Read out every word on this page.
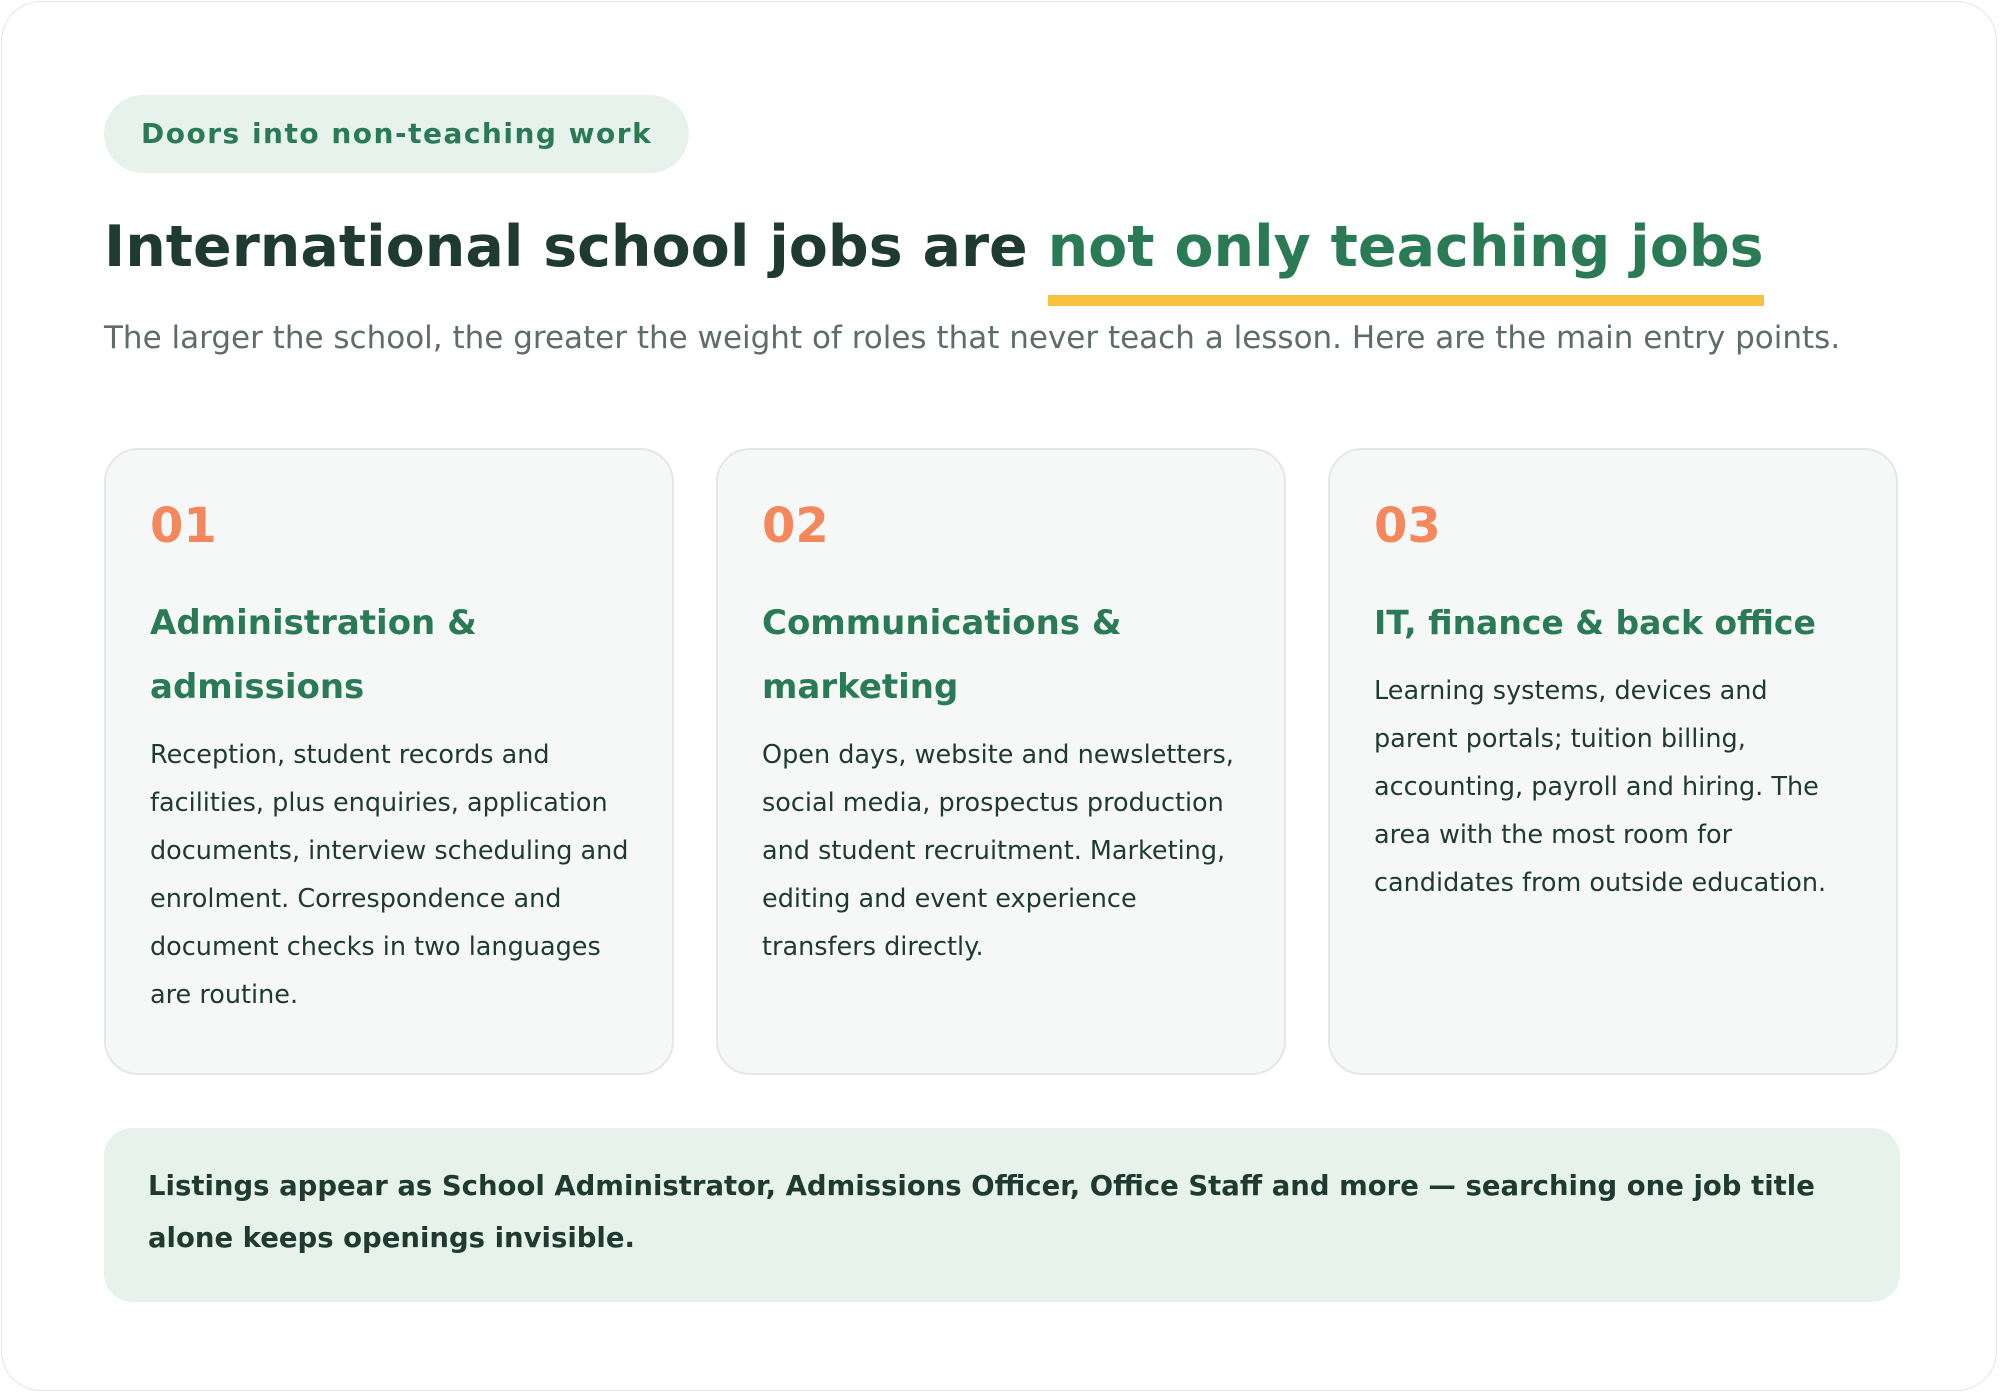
Doors into non-teaching work
International school jobs are not only teaching jobs

The larger the school, the greater the weight of roles that never teach a lesson. Here are the main entry points.

01
Administration & admissions
Reception, student records and facilities, plus enquiries, application documents, interview scheduling and enrolment. Correspondence and document checks in two languages are routine.
02
Communications & marketing
Open days, website and newsletters, social media, prospectus production and student recruitment. Marketing, editing and event experience transfers directly.
03
IT, finance & back office
Learning systems, devices and parent portals; tuition billing, accounting, payroll and hiring. The area with the most room for candidates from outside education.
Listings appear as School Administrator, Admissions Officer, Office Staff and more — searching one job title alone keeps openings invisible.
